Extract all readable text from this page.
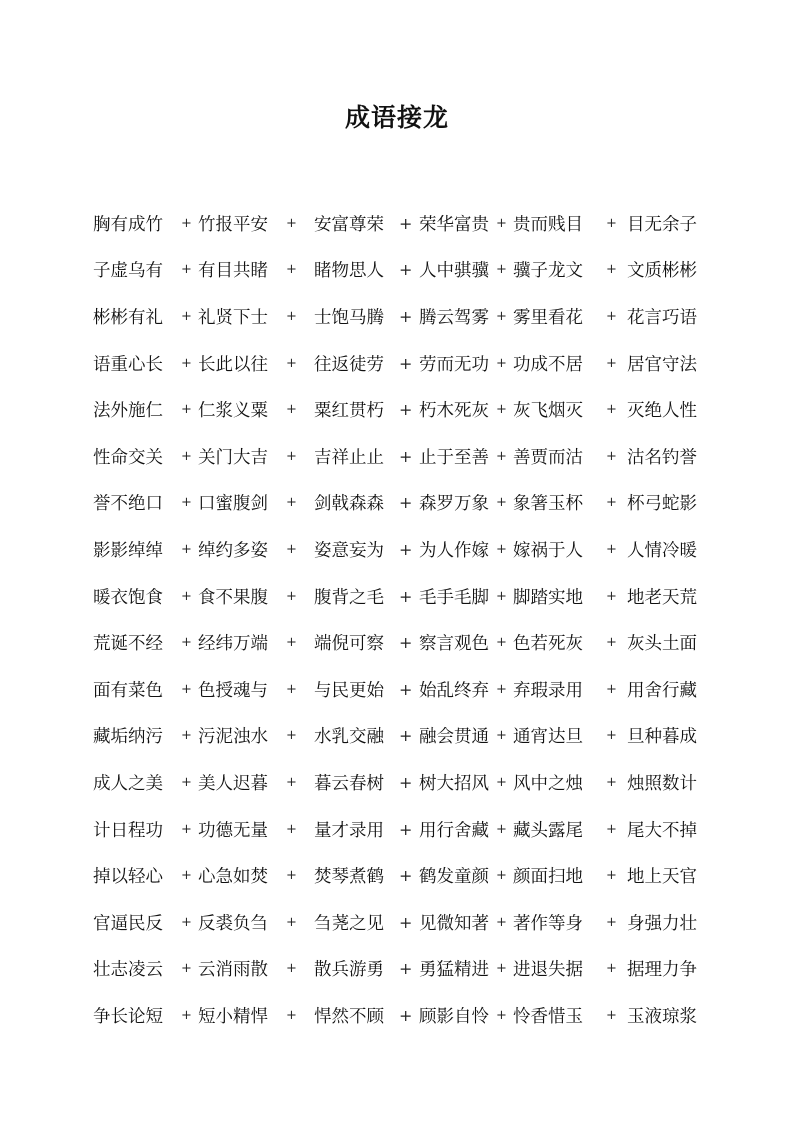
成语接龙
胸有成竹 + 竹报平安 + 安富尊荣 + 荣华富贵 + 贵而贱目 + 目无余子
子虚乌有 + 有目共睹 + 睹物思人 + 人中骐骥 + 骥子龙文 + 文质彬彬
彬彬有礼 + 礼贤下士 + 士饱马腾 + 腾云驾雾 + 雾里看花 + 花言巧语
语重心长 + 长此以往 + 往返徒劳 + 劳而无功 + 功成不居 + 居官守法
法外施仁 + 仁浆义粟 + 粟红贯朽 + 朽木死灰 + 灰飞烟灭 + 灭绝人性
性命交关 + 关门大吉 + 吉祥止止 + 止于至善 + 善贾而沽 + 沽名钓誉
誉不绝口 + 口蜜腹剑 + 剑戟森森 + 森罗万象 + 象箸玉杯 + 杯弓蛇影
影影绰绰 + 绰约多姿 + 姿意妄为 + 为人作嫁 + 嫁祸于人 + 人情冷暖
暖衣饱食 + 食不果腹 + 腹背之毛 + 毛手毛脚 + 脚踏实地 + 地老天荒
荒诞不经 + 经纬万端 + 端倪可察 + 察言观色 + 色若死灰 + 灰头土面
面有菜色 + 色授魂与 + 与民更始 + 始乱终弃 + 弃瑕录用 + 用舍行藏
藏垢纳污 + 污泥浊水 + 水乳交融 + 融会贯通 + 通宵达旦 + 旦种暮成
成人之美 + 美人迟暮 + 暮云春树 + 树大招风 + 风中之烛 + 烛照数计
计日程功 + 功德无量 + 量才录用 + 用行舍藏 + 藏头露尾 + 尾大不掉
掉以轻心 + 心急如焚 + 焚琴煮鹤 + 鹤发童颜 + 颜面扫地 + 地上天官
官逼民反 + 反裘负刍 + 刍荛之见 + 见微知著 + 著作等身 + 身强力壮
壮志凌云 + 云消雨散 + 散兵游勇 + 勇猛精进 + 进退失据 + 据理力争
争长论短 + 短小精悍 + 悍然不顾 + 顾影自怜 + 怜香惜玉 + 玉液琼浆
